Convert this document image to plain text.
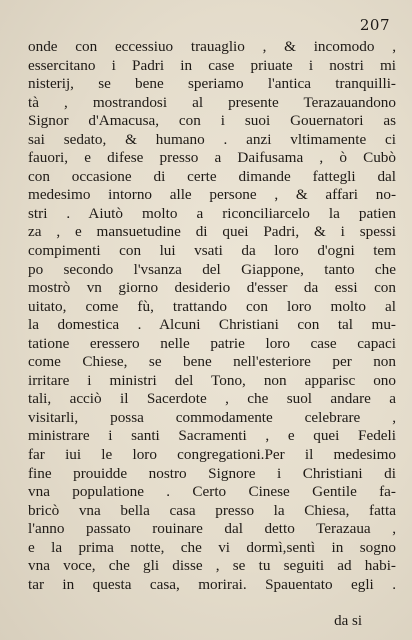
207
onde con eccessiuo trauaglio , & incomodo ,
essercitano i Padri in case priuate i nostri mi
nisterij, se bene speriamo l'antica tranquilli-
tà , mostrandosi al presente Terazauandono
Signor d'Amacusa, con i suoi Gouernatori as
sai sedato, & humano . anzi vltimamente ci
fauori, e difese presso a Daifusama , ò Cubò
con occasione di certe dimande fattegli dal
medesimo intorno alle persone , & affari no-
stri . Aiutò molto a riconciliarcelo la patien
za , e mansuetudine di quei Padri, & i spessi
compimenti con lui vsati da loro d'ogni tem
po secondo l'vsanza del Giappone, tanto che
mostrò vn giorno desiderio d'esser da essi con
uitato, come fù, trattando con loro molto al
la domestica . Alcuni Christiani con tal mu-
tatione eressero nelle patrie loro case capaci
come Chiese, se bene nell'esteriore per non
irritare i ministri del Tono, non apparisc ono
tali, acciò il Sacerdote , che suol andare a
visitarli, possa commodamente celebrare ,
ministrare i santi Sacramenti , e quei Fedeli
far iui le loro congregationi.Per il medesimo
fine prouidde nostro Signore i Christiani di
vna populatione . Certo Cinese Gentile fa-
bricò vna bella casa presso la Chiesa, fatta
l'anno passato rouinare dal detto Terazaua ,
e la prima notte, che vi dormì,sentì in sogno
vna voce, che gli disse , se tu seguiti ad habi-
tar in questa casa, morirai. Spauentato egli .
da si
